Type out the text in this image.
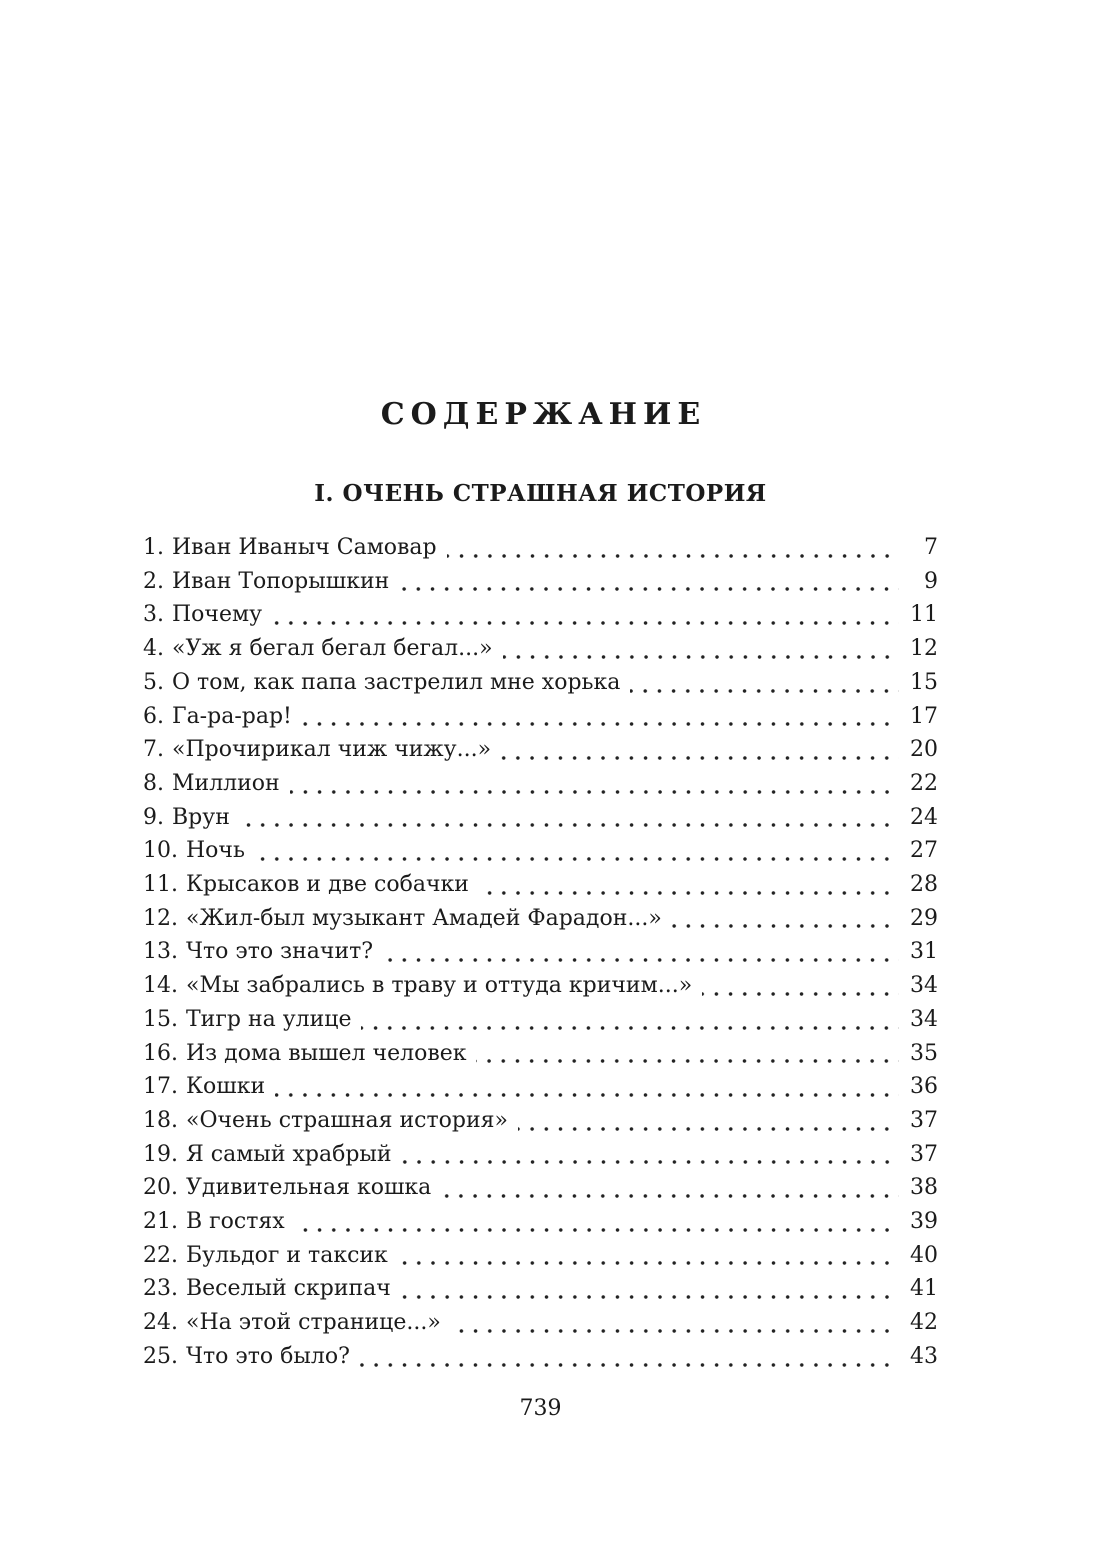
СОДЕРЖАНИЕ
I. ОЧЕНЬ СТРАШНАЯ ИСТОРИЯ
1. Иван Иваныч Самовар	7
2. Иван Топорышкин	9
3. Почему	11
4. «Уж я бегал бегал бегал...»	12
5. О том, как папа застрелил мне хорька	15
6. Га-ра-рар!	17
7. «Прочирикал чиж чижу...»	20
8. Миллион	22
9. Врун	24
10. Ночь	27
11. Крысаков и две собачки	28
12. «Жил-был музыкант Амадей Фарадон...»	29
13. Что это значит?	31
14. «Мы забрались в траву и оттуда кричим...»	34
15. Тигр на улице	34
16. Из дома вышел человек	35
17. Кошки	36
18. «Очень страшная история»	37
19. Я самый храбрый	37
20. Удивительная кошка	38
21. В гостях	39
22. Бульдог и таксик	40
23. Веселый скрипач	41
24. «На этой странице...»	42
25. Что это было?	43
739
